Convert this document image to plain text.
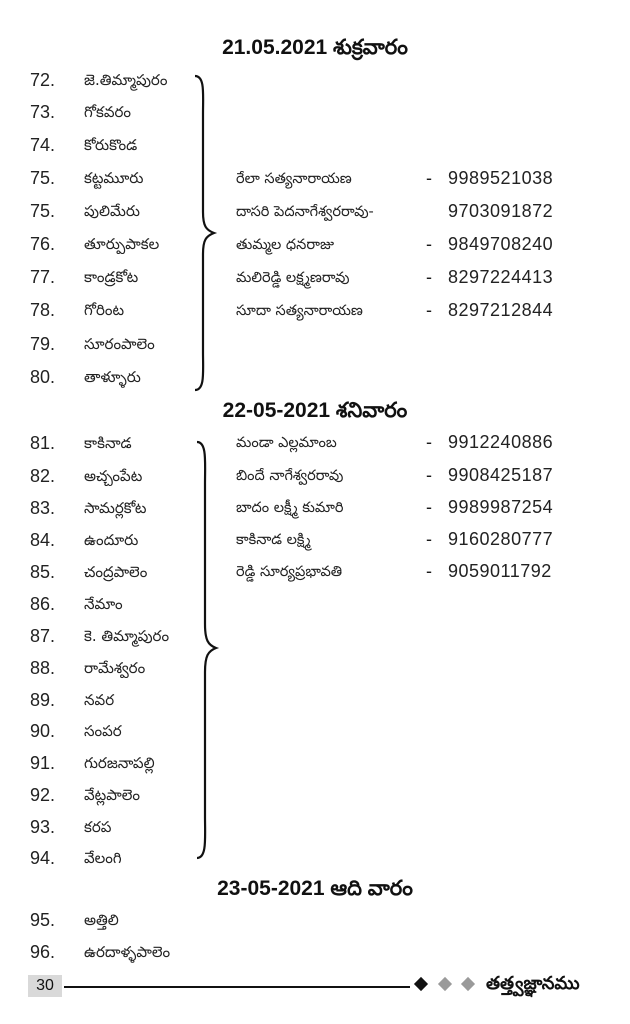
21.05.2021 శుక్రవారం
72.	జె.తిమ్మాపురం
73.	గోకవరం
74.	కోరుకొండ
75.	కట్టమూరు
75.	పులిమేరు
76.	తూర్పుపాకల
77.	కాండ్రకోట
78.	గోరింట
79.	సూరంపాలెం
80.	తాళ్ళూరు
రేలా సత్యనారాయణ	- 9989521038
దాసరి పెదనాగేశ్వరరావు-	9703091872
తుమ్మల ధనరాజు	- 9849708240
మలిరెడ్డి లక్ష్మణరావు	- 8297224413
సూదా సత్యనారాయణ	- 8297212844
22-05-2021 శనివారం
81.	కాకినాడ
82.	అచ్చంపేట
83.	సామర్లకోట
84.	ఉందూరు
85.	చంద్రపాలెం
86.	నేమాం
87.	కె. తిమ్మాపురం
88.	రామేశ్వరం
89.	నవర
90.	సంపర
91.	గురజనాపల్లి
92.	వేట్లపాలెం
93.	కరప
94.	వేలంగి
మండా ఎల్లమాంబ	- 9912240886
బిందే నాగేశ్వరరావు	- 9908425187
బాదం లక్ష్మీ కుమారి	- 9989987254
కాకినాడ లక్ష్మి	- 9160280777
రెడ్డి సూర్యప్రభావతి	- 9059011792
23-05-2021 ఆది వారం
95.	అత్తిలి
96.	ఉరదాళ్ళపాలెం
30	తత్త్వజ్ఞానము
